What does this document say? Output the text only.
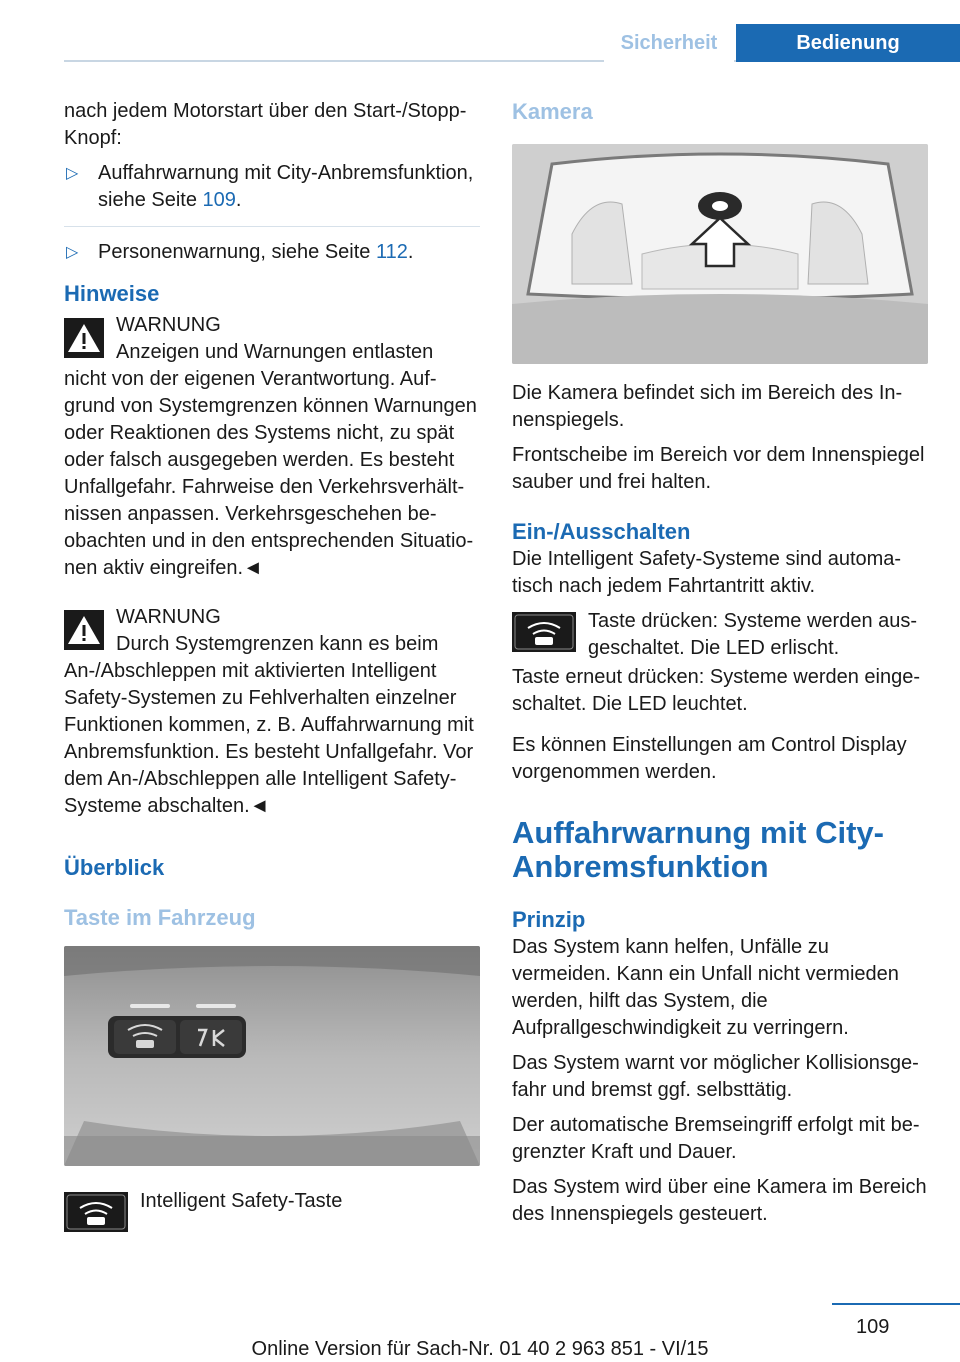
Sicherheit	Bedienung

nach jedem Motorstart über den Start-/Stopp-Knopf:

▷ Auffahrwarnung mit City-Anbremsfunktion, siehe Seite 109.
▷ Personenwarnung, siehe Seite 112.
Hinweise
WARNUNG
Anzeigen und Warnungen entlasten nicht von der eigenen Verantwortung. Aufgrund von Systemgrenzen können Warnungen oder Reaktionen des Systems nicht, zu spät oder falsch ausgegeben werden. Es besteht Unfallgefahr. Fahrweise den Verkehrsverhältnissen anpassen. Verkehrsgeschehen beobachten und in den entsprechenden Situationen aktiv eingreifen.◄
WARNUNG
Durch Systemgrenzen kann es beim An-/Abschleppen mit aktivierten Intelligent Safety-Systemen zu Fehlverhalten einzelner Funktionen kommen, z. B. Auffahrwarnung mit Anbremsfunktion. Es besteht Unfallgefahr. Vor dem An-/Abschleppen alle Intelligent Safety-Systeme abschalten.◄
Überblick
Taste im Fahrzeug
Intelligent Safety-Taste
Kamera

Die Kamera befindet sich im Bereich des Innenspiegels.

Frontscheibe im Bereich vor dem Innenspiegel sauber und frei halten.

Ein-/Ausschalten

Die Intelligent Safety-Systeme sind automatisch nach jedem Fahrtantritt aktiv.

Taste drücken: Systeme werden ausgeschaltet. Die LED erlischt.

Taste erneut drücken: Systeme werden eingeschaltet. Die LED leuchtet.

Es können Einstellungen am Control Display vorgenommen werden.

Auffahrwarnung mit City-Anbremsfunktion
Prinzip

Das System kann helfen, Unfälle zu vermeiden. Kann ein Unfall nicht vermieden werden, hilft das System, die Aufprallgeschwindigkeit zu verringern.

Das System warnt vor möglicher Kollisionsgefahr und bremst ggf. selbsttätig.

Der automatische Bremseingriff erfolgt mit begrenzter Kraft und Dauer.

Das System wird über eine Kamera im Bereich des Innenspiegels gesteuert.

109
Online Version für Sach-Nr. 01 40 2 963 851 - VI/15
